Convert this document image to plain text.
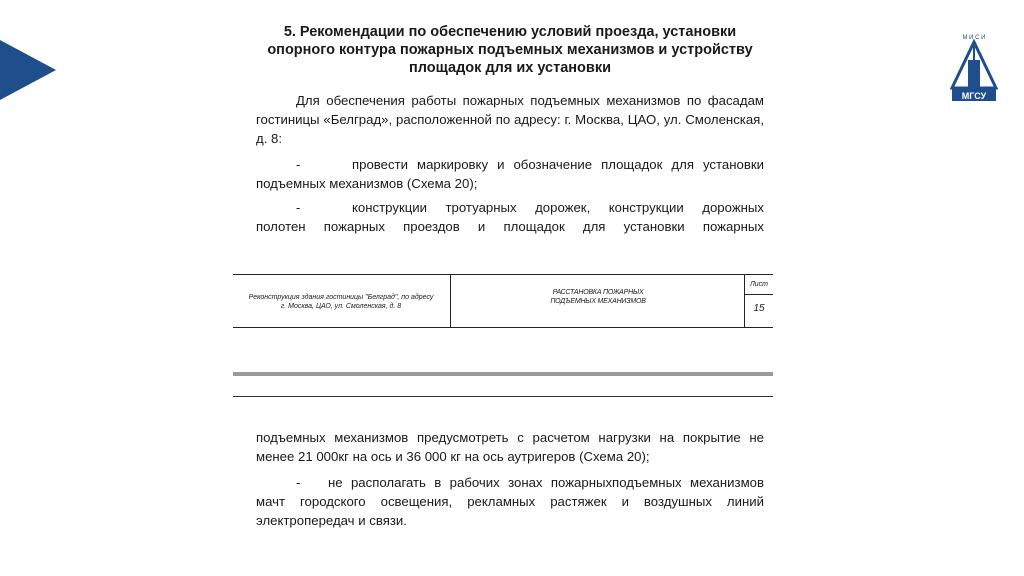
М И С И
МГСУ
5. Рекомендации по обеспечению условий проезда, установки
опорного контура пожарных подъемных механизмов и устройству
площадок для их установки

Для обеспечения работы пожарных подъемных механизмов по фасадам гостиницы «Белград», расположенной по адресу: г. Москва, ЦАО, ул. Смоленская, д. 8:

-	провести маркировку и обозначение площадок для установки
подъемных механизмов (Схема 20);
-	конструкции тротуарных дорожек, конструкции дорожных
полотен пожарных проездов и площадок для установки пожарных
Реконструкция здания гостиницы "Белград", по адресу
г. Москва, ЦАО, ул. Смоленская, д. 8
РАССТАНОВКА ПОЖАРНЫХ
ПОДЪЕМНЫХ МЕХАНИЗМОВ
Лист
15

подъемных механизмов предусмотреть с расчетом нагрузки на покрытие не менее 21 000кг на ось и 36 000 кг на ось аутригеров (Схема 20);

- не располагать в рабочих зонах пожарныхподъемных механизмов мачт городского освещения, рекламных растяжек и воздушных линий электропередач и связи.
